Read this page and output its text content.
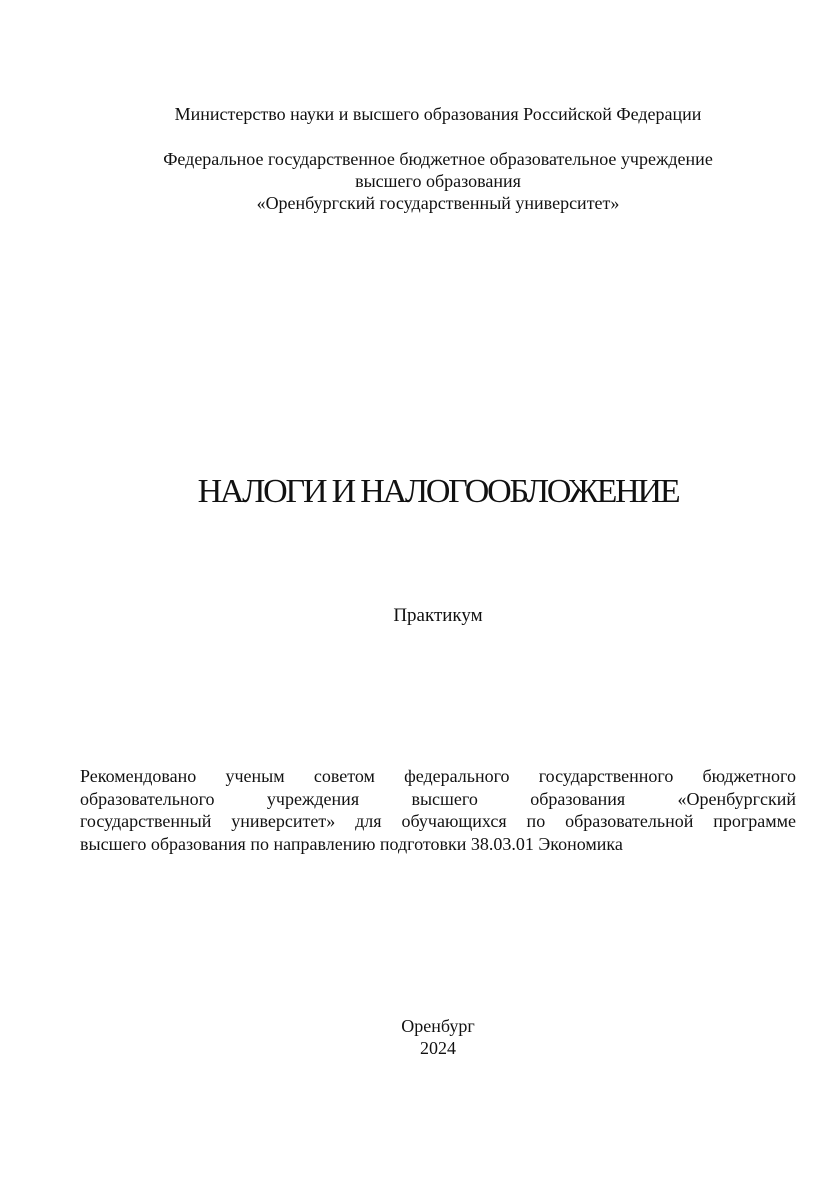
Министерство науки и высшего образования Российской Федерации
Федеральное государственное бюджетное образовательное учреждение
высшего образования
«Оренбургский государственный университет»
НАЛОГИ И НАЛОГООБЛОЖЕНИЕ
Практикум
Рекомендовано ученым советом федерального государственного бюджетного
образовательного учреждения высшего образования «Оренбургский
государственный университет» для обучающихся по образовательной программе
высшего образования по направлению подготовки 38.03.01 Экономика
Оренбург
2024
